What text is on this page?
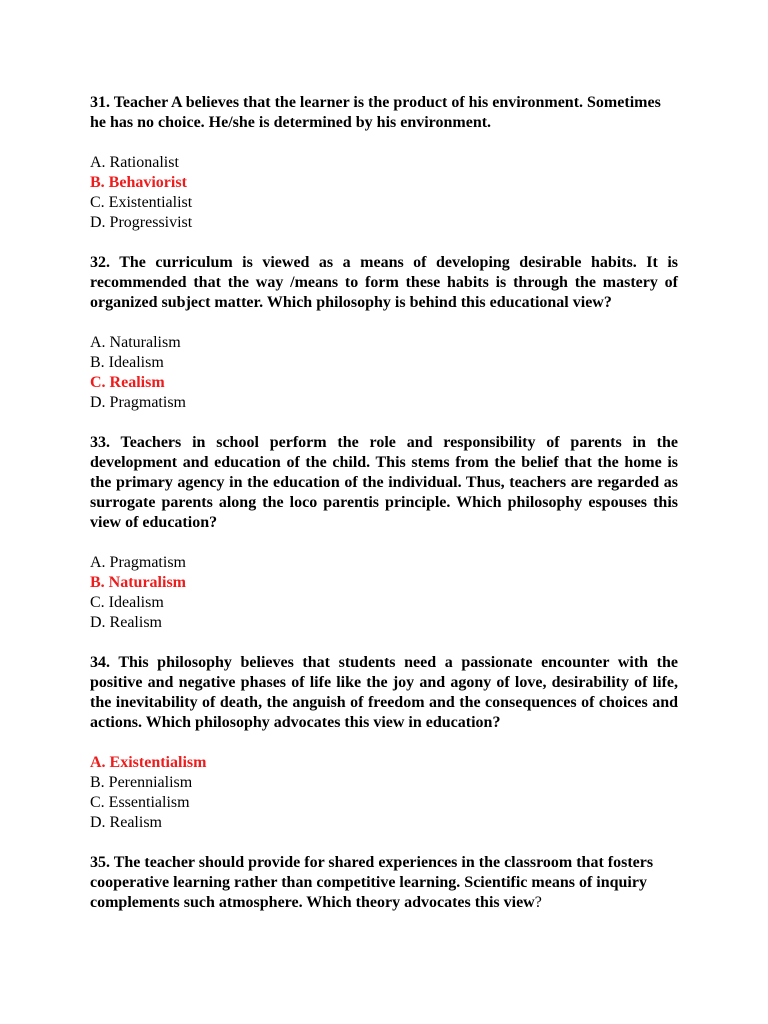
31. Teacher A believes that the learner is the product of his environment. Sometimes he has no choice. He/she is determined by his environment.

A. Rationalist
B. Behaviorist
C. Existentialist
D. Progressivist

32. The curriculum is viewed as a means of developing desirable habits. It is recommended that the way /means to form these habits is through the mastery of organized subject matter. Which philosophy is behind this educational view?

A. Naturalism
B. Idealism
C. Realism
D. Pragmatism

33. Teachers in school perform the role and responsibility of parents in the development and education of the child. This stems from the belief that the home is the primary agency in the education of the individual. Thus, teachers are regarded as surrogate parents along the loco parentis principle. Which philosophy espouses this view of education?

A. Pragmatism
B. Naturalism
C. Idealism
D. Realism

34. This philosophy believes that students need a passionate encounter with the positive and negative phases of life like the joy and agony of love, desirability of life, the inevitability of death, the anguish of freedom and the consequences of choices and actions. Which philosophy advocates this view in education?

A. Existentialism
B. Perennialism
C. Essentialism
D. Realism

35. The teacher should provide for shared experiences in the classroom that fosters cooperative learning rather than competitive learning. Scientific means of inquiry complements such atmosphere. Which theory advocates this view?
